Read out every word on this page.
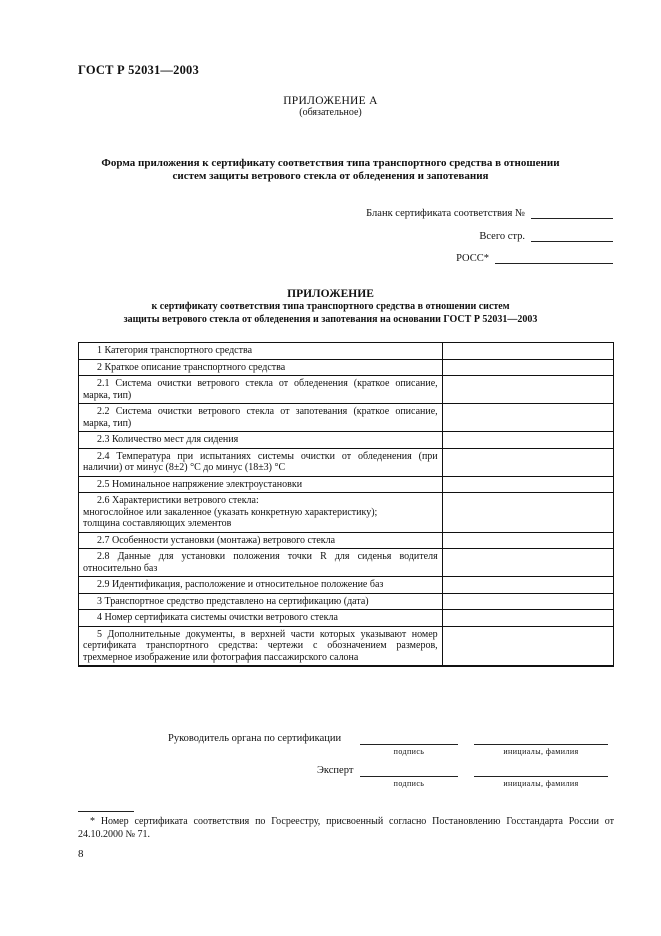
ГОСТ Р 52031—2003
ПРИЛОЖЕНИЕ А
(обязательное)
Форма приложения к сертификату соответствия типа транспортного средства в отношении
систем защиты ветрового стекла от обледенения и запотевания
Бланк сертификата соответствия №
Всего стр.
РОСС*
ПРИЛОЖЕНИЕ
к сертификату соответствия типа транспортного средства в отношении систем
защиты ветрового стекла от обледенения и запотевания на основании ГОСТ Р 52031—2003
1 Категория транспортного средства	

2 Краткое описание транспортного средства	

2.1 Система очистки ветрового стекла от обледенения (краткое описание, марка, тип)	

2.2 Система очистки ветрового стекла от запотевания (краткое описание, марка, тип)	

2.3 Количество мест для сидения	

2.4 Температура при испытаниях системы очистки от обледенения (при наличии) от минус (8±2) °С до минус (18±3) °С	

2.5 Номинальное напряжение электроустановки	

2.6 Характеристики ветрового стекла:
многослойное или закаленное (указать конкретную характеристику);
толщина составляющих элементов	

2.7 Особенности установки (монтажа) ветрового стекла	

2.8 Данные для установки положения точки R для сиденья водителя относительно баз	

2.9 Идентификация, расположение и относительное положение баз	

3 Транспортное средство представлено на сертификацию (дата)	

4 Номер сертификата системы очистки ветрового стекла	

5 Дополнительные документы, в верхней части которых указывают номер сертификата транспортного средства: чертежи с обозначением размеров, трехмерное изображение или фотография пассажирского салона	

Руководитель органа по сертификации
подпись	инициалы, фамилия
Эксперт
подпись	инициалы, фамилия
* Номер сертификата соответствия по Госреестру, присвоенный согласно Постановлению Госстандарта России от 24.10.2000 № 71.
8
